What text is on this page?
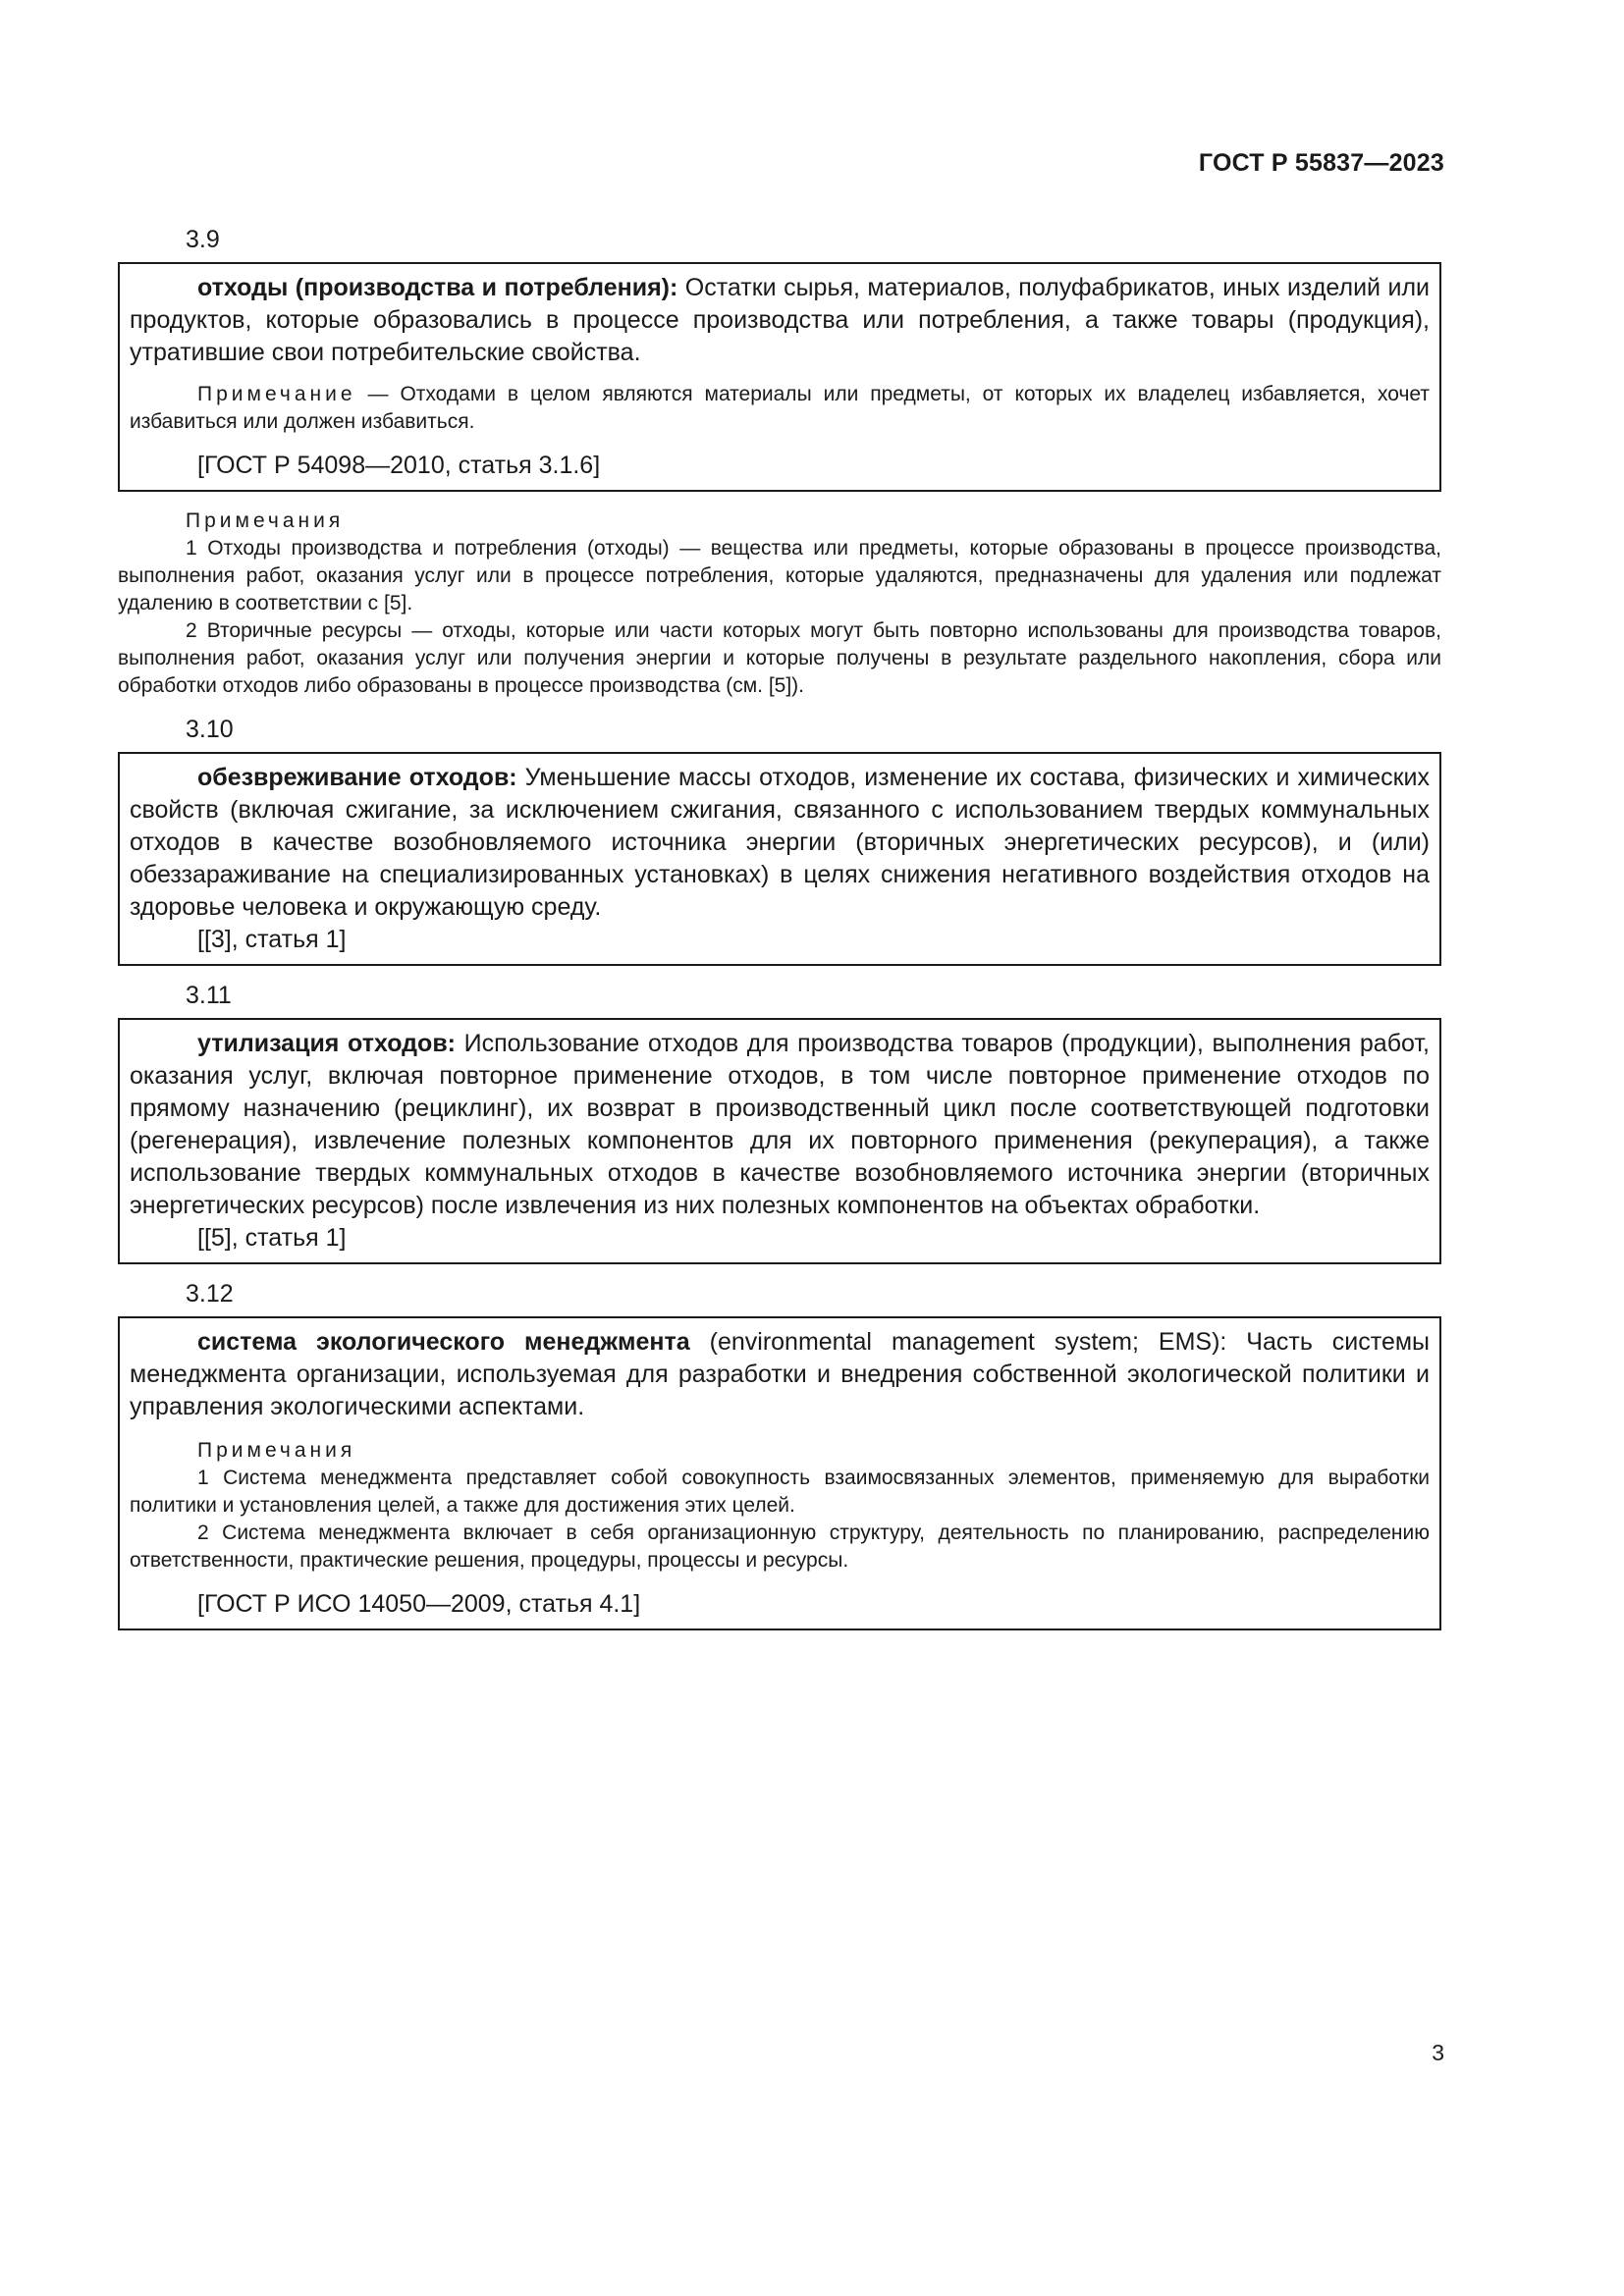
ГОСТ Р 55837—2023
3.9

отходы (производства и потребления): Остатки сырья, материалов, полуфабрикатов, иных изделий или продуктов, которые образовались в процессе производства или потребления, а также товары (продукция), утратившие свои потребительские свойства.

Примечание — Отходами в целом являются материалы или предметы, от которых их владелец избавляется, хочет избавиться или должен избавиться.

[ГОСТ Р 54098—2010, статья 3.1.6]

Примечания

1 Отходы производства и потребления (отходы) — вещества или предметы, которые образованы в процессе производства, выполнения работ, оказания услуг или в процессе потребления, которые удаляются, предназначены для удаления или подлежат удалению в соответствии с [5].

2 Вторичные ресурсы — отходы, которые или части которых могут быть повторно использованы для производства товаров, выполнения работ, оказания услуг или получения энергии и которые получены в результате раздельного накопления, сбора или обработки отходов либо образованы в процессе производства (см. [5]).

3.10

обезвреживание отходов: Уменьшение массы отходов, изменение их состава, физических и химических свойств (включая сжигание, за исключением сжигания, связанного с использованием твердых коммунальных отходов в качестве возобновляемого источника энергии (вторичных энергетических ресурсов), и (или) обеззараживание на специализированных установках) в целях снижения негативного воздействия отходов на здоровье человека и окружающую среду.

[[3], статья 1]

3.11

утилизация отходов: Использование отходов для производства товаров (продукции), выполнения работ, оказания услуг, включая повторное применение отходов, в том числе повторное применение отходов по прямому назначению (рециклинг), их возврат в производственный цикл после соответствующей подготовки (регенерация), извлечение полезных компонентов для их повторного применения (рекуперация), а также использование твердых коммунальных отходов в качестве возобновляемого источника энергии (вторичных энергетических ресурсов) после извлечения из них полезных компонентов на объектах обработки.

[[5], статья 1]

3.12

система экологического менеджмента (environmental management system; EMS): Часть системы менеджмента организации, используемая для разработки и внедрения собственной экологической политики и управления экологическими аспектами.

Примечания

1 Система менеджмента представляет собой совокупность взаимосвязанных элементов, применяемую для выработки политики и установления целей, а также для достижения этих целей.

2 Система менеджмента включает в себя организационную структуру, деятельность по планированию, распределению ответственности, практические решения, процедуры, процессы и ресурсы.

[ГОСТ Р ИСО 14050—2009, статья 4.1]

3
